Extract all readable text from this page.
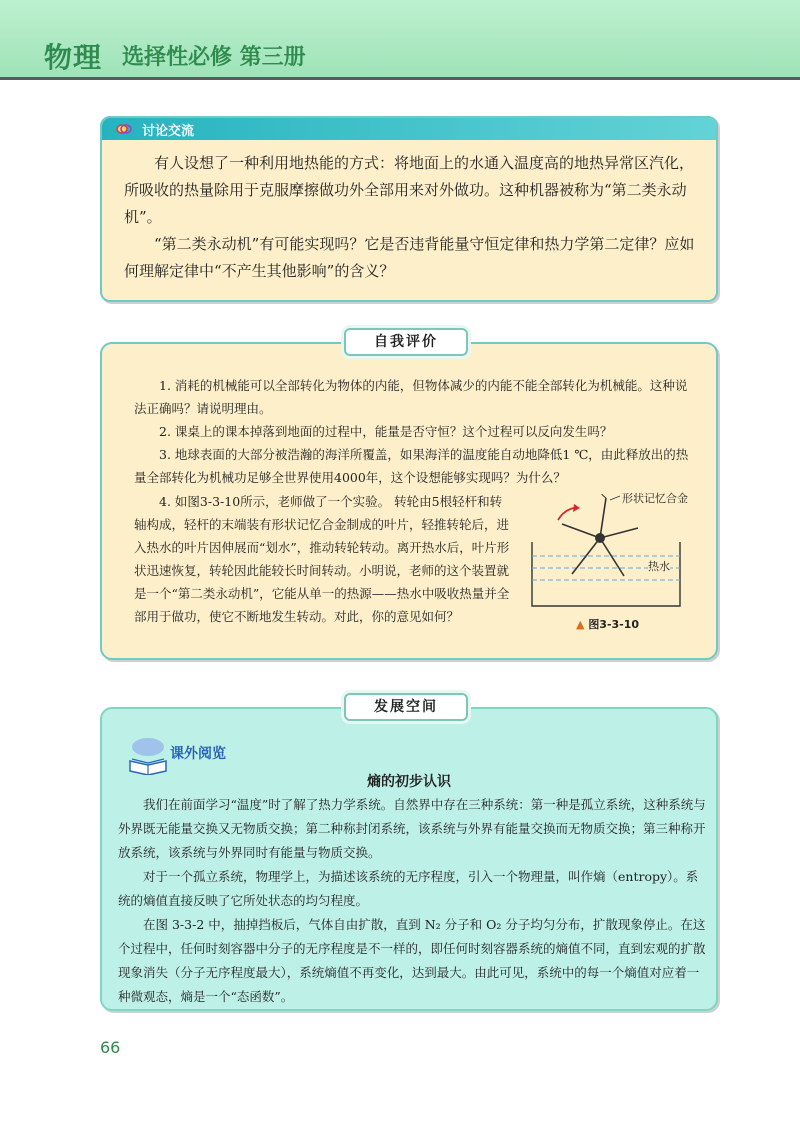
物理 选择性必修 第三册
讨论交流

有人设想了一种利用地热能的方式：将地面上的水通入温度高的地热异常区汽化，所吸收的热量除用于克服摩擦做功外全部用来对外做功。这种机器被称为“第二类永动机”。

“第二类永动机”有可能实现吗？它是否违背能量守恒定律和热力学第二定律？应如何理解定律中“不产生其他影响”的含义？

1. 消耗的机械能可以全部转化为物体的内能，但物体减少的内能不能全部转化为机械能。这种说法正确吗？请说明理由。

2. 课桌上的课本掉落到地面的过程中，能量是否守恒？这个过程可以反向发生吗？

3. 地球表面的大部分被浩瀚的海洋所覆盖，如果海洋的温度能自动地降低1 ℃，由此释放出的热量全部转化为机械功足够全世界使用4000年，这个设想能够实现吗？为什么？

4. 如图3-3-10所示，老师做了一个实验。 转轮由5根轻杆和转轴构成，轻杆的末端装有形状记忆合金制成的叶片，轻推转轮后，进入热水的叶片因伸展而“划水”，推动转轮转动。离开热水后，叶片形状迅速恢复，转轮因此能较长时间转动。小明说，老师的这个装置就是一个“第二类永动机”，它能从单一的热源——热水中吸收热量并全部用于做功，使它不断地发生转动。对此，你的意见如何？

形状记忆合金
热水
▲ 图3-3-10
自我评价
课外阅览
熵的初步认识

我们在前面学习“温度”时了解了热力学系统。自然界中存在三种系统：第一种是孤立系统，这种系统与外界既无能量交换又无物质交换；第二种称封闭系统，该系统与外界有能量交换而无物质交换；第三种称开放系统，该系统与外界同时有能量与物质交换。

对于一个孤立系统，物理学上，为描述该系统的无序程度，引入一个物理量，叫作熵（entropy）。系统的熵值直接反映了它所处状态的均匀程度。

在图 3-3-2 中，抽掉挡板后，气体自由扩散，直到 N₂ 分子和 O₂ 分子均匀分布，扩散现象停止。在这个过程中，任何时刻容器中分子的无序程度是不一样的，即任何时刻容器系统的熵值不同，直到宏观的扩散现象消失（分子无序程度最大），系统熵值不再变化，达到最大。由此可见，系统中的每一个熵值对应着一种微观态，熵是一个“态函数”。

发展空间
66
